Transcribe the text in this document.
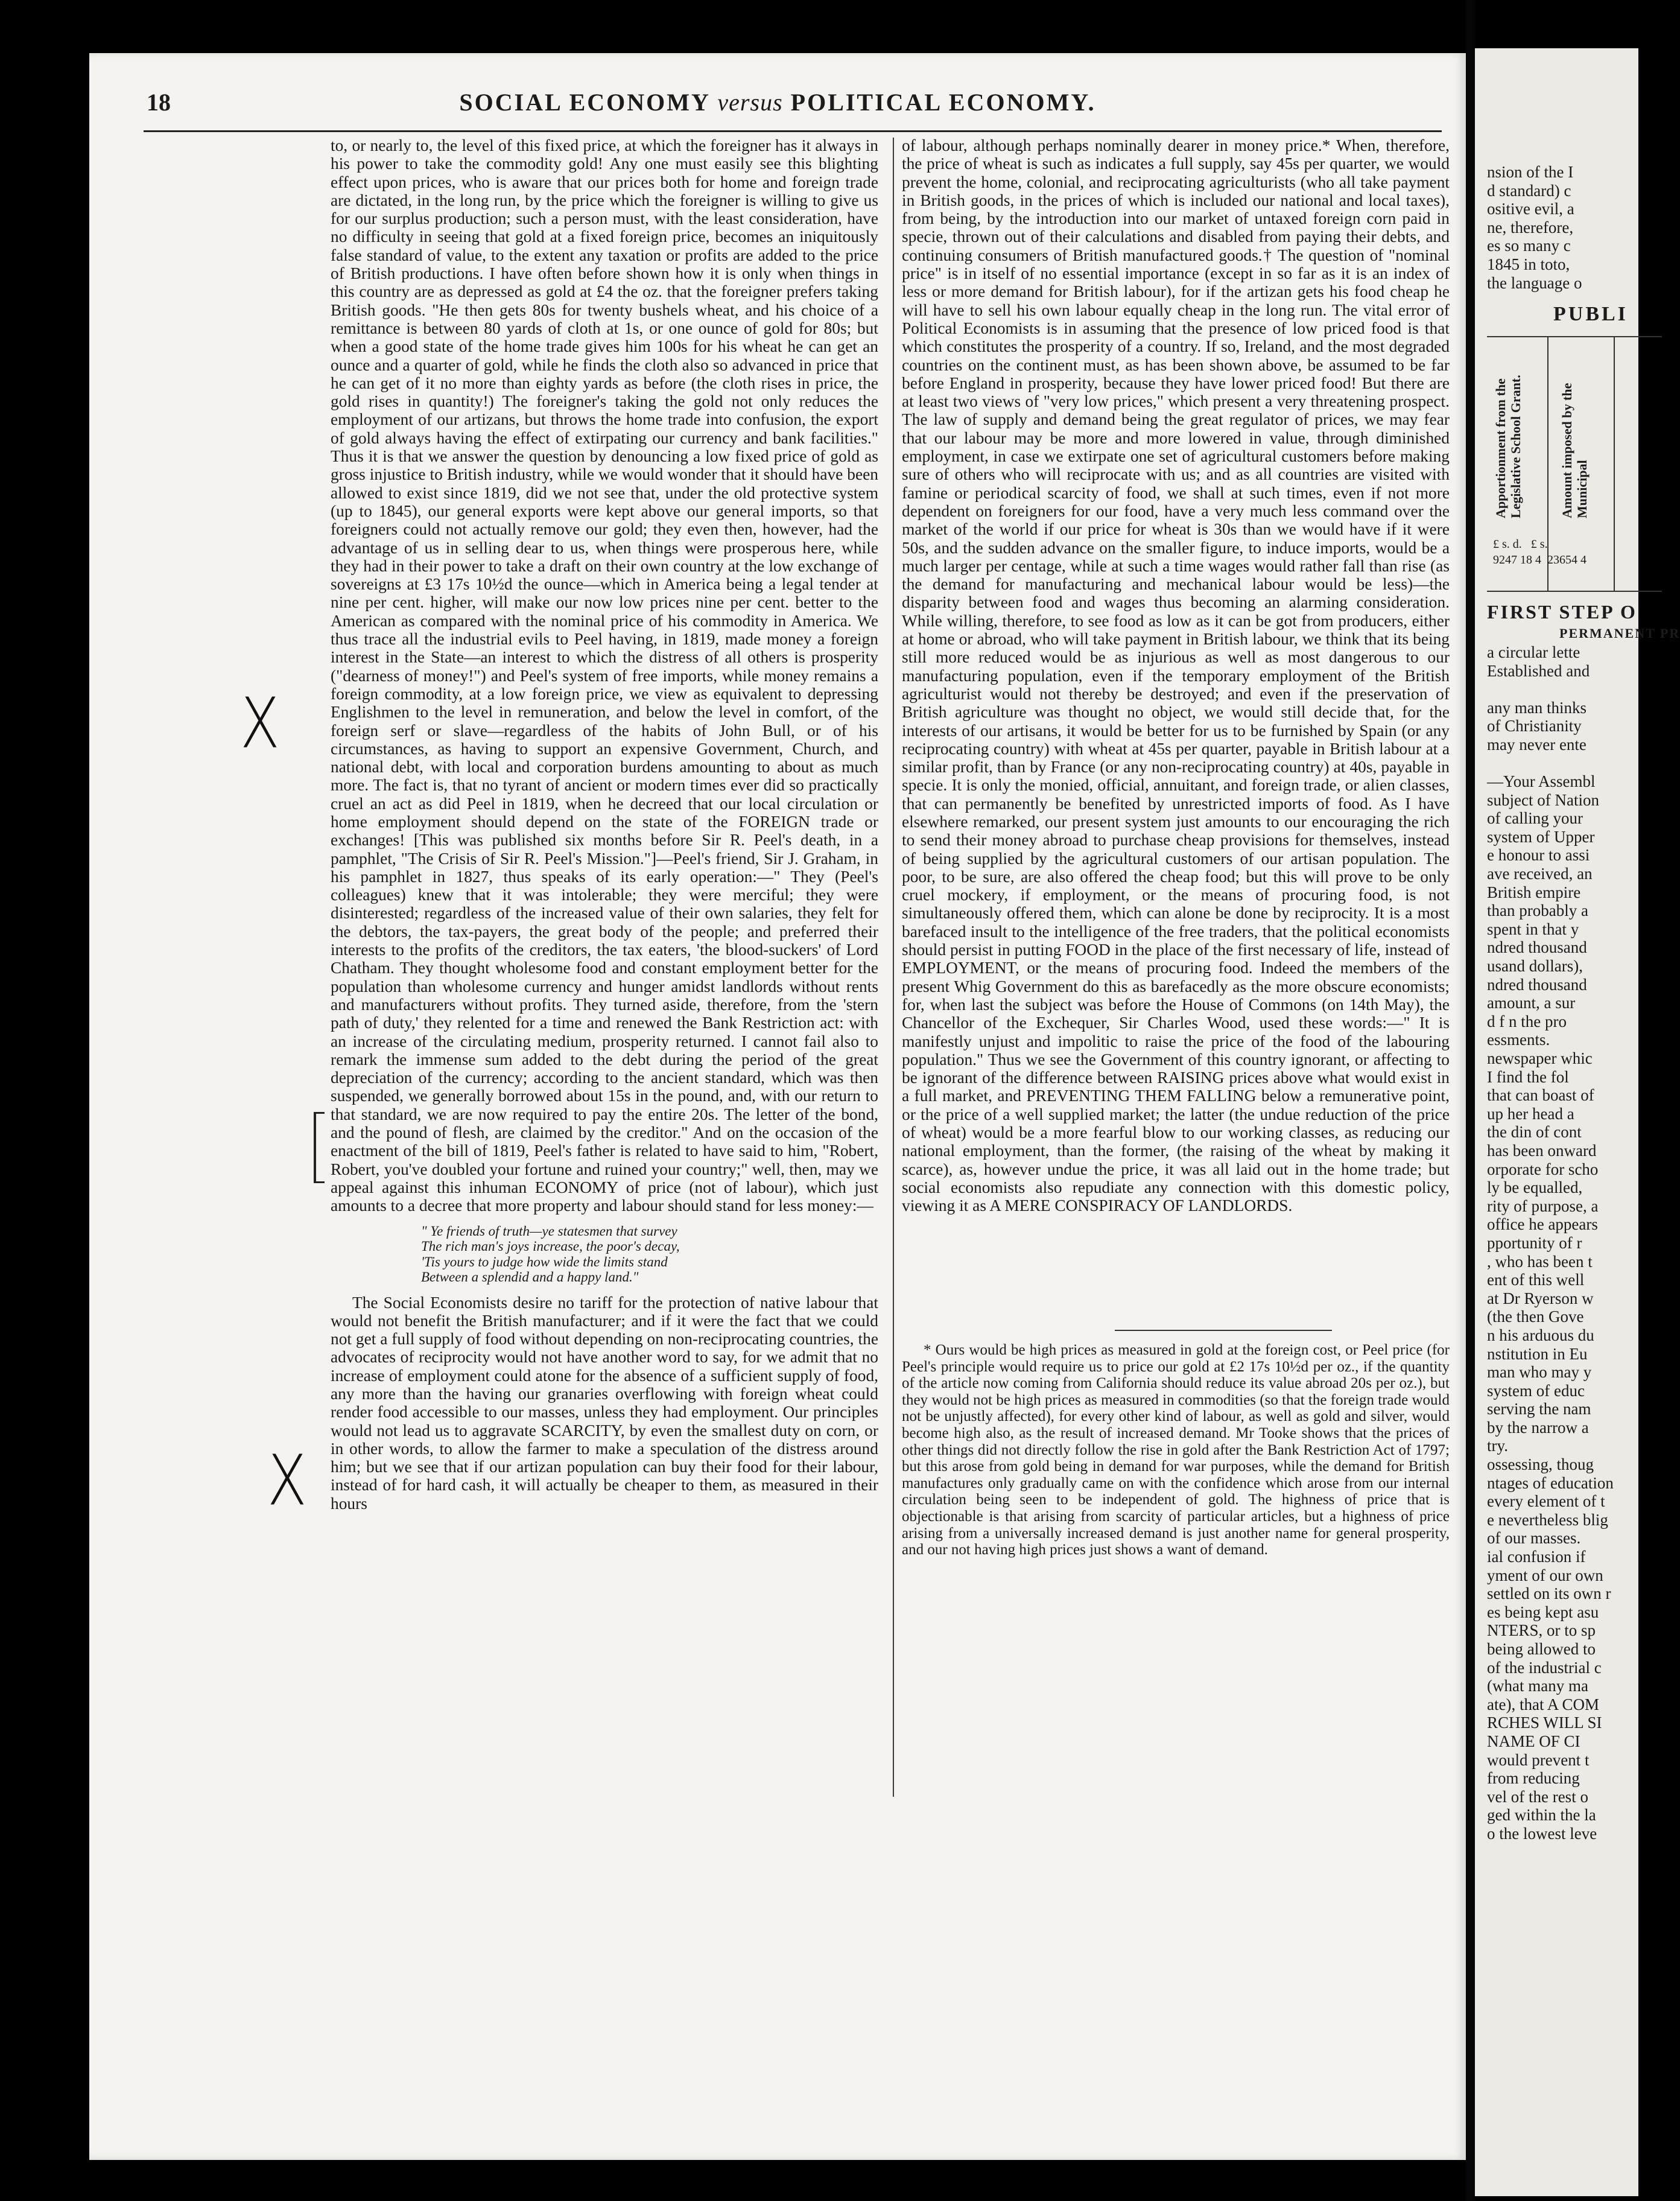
18	SOCIAL ECONOMY versus POLITICAL ECONOMY.

to, or nearly to, the level of this fixed price, at which the foreigner has it always in his power to take the commodity gold! Any one must easily see this blighting effect upon prices, who is aware that our prices both for home and foreign trade are dictated, in the long run, by the price which the foreigner is willing to give us for our surplus production; such a person must, with the least consideration, have no difficulty in seeing that gold at a fixed foreign price, becomes an iniquitously false standard of value, to the extent any taxation or profits are added to the price of British productions. I have often before shown how it is only when things in this country are as depressed as gold at £4 the oz. that the foreigner prefers taking British goods. "He then gets 80s for twenty bushels wheat, and his choice of a remittance is between 80 yards of cloth at 1s, or one ounce of gold for 80s; but when a good state of the home trade gives him 100s for his wheat he can get an ounce and a quarter of gold, while he finds the cloth also so advanced in price that he can get of it no more than eighty yards as before (the cloth rises in price, the gold rises in quantity!) The foreigner's taking the gold not only reduces the employment of our artizans, but throws the home trade into confusion, the export of gold always having the effect of extirpating our currency and bank facilities." Thus it is that we answer the question by denouncing a low fixed price of gold as gross injustice to British industry, while we would wonder that it should have been allowed to exist since 1819, did we not see that, under the old protective system (up to 1845), our general exports were kept above our general imports, so that foreigners could not actually remove our gold; they even then, however, had the advantage of us in selling dear to us, when things were prosperous here, while they had in their power to take a draft on their own country at the low exchange of sovereigns at £3 17s 10½d the ounce—which in America being a legal tender at nine per cent. higher, will make our now low prices nine per cent. better to the American as compared with the nominal price of his commodity in America. We thus trace all the industrial evils to Peel having, in 1819, made money a foreign interest in the State—an interest to which the distress of all others is prosperity ("dearness of money!") and Peel's system of free imports, while money remains a foreign commodity, at a low foreign price, we view as equivalent to depressing Englishmen to the level in remuneration, and below the level in comfort, of the foreign serf or slave—regardless of the habits of John Bull, or of his circumstances, as having to support an expensive Government, Church, and national debt, with local and corporation burdens amounting to about as much more. The fact is, that no tyrant of ancient or modern times ever did so practically cruel an act as did Peel in 1819, when he decreed that our local circulation or home employment should depend on the state of the FOREIGN trade or exchanges! [This was published six months before Sir R. Peel's death, in a pamphlet, "The Crisis of Sir R. Peel's Mission."]—Peel's friend, Sir J. Graham, in his pamphlet in 1827, thus speaks of its early operation:—" They (Peel's colleagues) knew that it was intolerable; they were merciful; they were disinterested; regardless of the increased value of their own salaries, they felt for the debtors, the tax-payers, the great body of the people; and preferred their interests to the profits of the creditors, the tax eaters, 'the blood-suckers' of Lord Chatham. They thought wholesome food and constant employment better for the population than wholesome currency and hunger amidst landlords without rents and manufacturers without profits. They turned aside, therefore, from the 'stern path of duty,' they relented for a time and renewed the Bank Restriction act: with an increase of the circulating medium, prosperity returned. I cannot fail also to remark the immense sum added to the debt during the period of the great depreciation of the currency; according to the ancient standard, which was then suspended, we generally borrowed about 15s in the pound, and, with our return to that standard, we are now required to pay the entire 20s. The letter of the bond, and the pound of flesh, are claimed by the creditor." And on the occasion of the enactment of the bill of 1819, Peel's father is related to have said to him, "Robert, Robert, you've doubled your fortune and ruined your country;" well, then, may we appeal against this inhuman ECONOMY of price (not of labour), which just amounts to a decree that more property and labour should stand for less money:—

" Ye friends of truth—ye statesmen that survey
The rich man's joys increase, the poor's decay,
'Tis yours to judge how wide the limits stand
Between a splendid and a happy land."

The Social Economists desire no tariff for the protection of native labour that would not benefit the British manufacturer; and if it were the fact that we could not get a full supply of food without depending on non-reciprocating countries, the advocates of reciprocity would not have another word to say, for we admit that no increase of employment could atone for the absence of a sufficient supply of food, any more than the having our granaries overflowing with foreign wheat could render food accessible to our masses, unless they had employment. Our principles would not lead us to aggravate SCARCITY, by even the smallest duty on corn, or in other words, to allow the farmer to make a speculation of the distress around him; but we see that if our artizan population can buy their food for their labour, instead of for hard cash, it will actually be cheaper to them, as measured in their hours

of labour, although perhaps nominally dearer in money price.* When, therefore, the price of wheat is such as indicates a full supply, say 45s per quarter, we would prevent the home, colonial, and reciprocating agriculturists (who all take payment in British goods, in the prices of which is included our national and local taxes), from being, by the introduction into our market of untaxed foreign corn paid in specie, thrown out of their calculations and disabled from paying their debts, and continuing consumers of British manufactured goods.† The question of "nominal price" is in itself of no essential importance (except in so far as it is an index of less or more demand for British labour), for if the artizan gets his food cheap he will have to sell his own labour equally cheap in the long run. The vital error of Political Economists is in assuming that the presence of low priced food is that which constitutes the prosperity of a country. If so, Ireland, and the most degraded countries on the continent must, as has been shown above, be assumed to be far before England in prosperity, because they have lower priced food! But there are at least two views of "very low prices," which present a very threatening prospect. The law of supply and demand being the great regulator of prices, we may fear that our labour may be more and more lowered in value, through diminished employment, in case we extirpate one set of agricultural customers before making sure of others who will reciprocate with us; and as all countries are visited with famine or periodical scarcity of food, we shall at such times, even if not more dependent on foreigners for our food, have a very much less command over the market of the world if our price for wheat is 30s than we would have if it were 50s, and the sudden advance on the smaller figure, to induce imports, would be a much larger per centage, while at such a time wages would rather fall than rise (as the demand for manufacturing and mechanical labour would be less)—the disparity between food and wages thus becoming an alarming consideration. While willing, therefore, to see food as low as it can be got from producers, either at home or abroad, who will take payment in British labour, we think that its being still more reduced would be as injurious as well as most dangerous to our manufacturing population, even if the temporary employment of the British agriculturist would not thereby be destroyed; and even if the preservation of British agriculture was thought no object, we would still decide that, for the interests of our artisans, it would be better for us to be furnished by Spain (or any reciprocating country) with wheat at 45s per quarter, payable in British labour at a similar profit, than by France (or any non-reciprocating country) at 40s, payable in specie. It is only the monied, official, annuitant, and foreign trade, or alien classes, that can permanently be benefited by unrestricted imports of food. As I have elsewhere remarked, our present system just amounts to our encouraging the rich to send their money abroad to purchase cheap provisions for themselves, instead of being supplied by the agricultural customers of our artisan population. The poor, to be sure, are also offered the cheap food; but this will prove to be only cruel mockery, if employment, or the means of procuring food, is not simultaneously offered them, which can alone be done by reciprocity. It is a most barefaced insult to the intelligence of the free traders, that the political economists should persist in putting FOOD in the place of the first necessary of life, instead of EMPLOYMENT, or the means of procuring food. Indeed the members of the present Whig Government do this as barefacedly as the more obscure economists; for, when last the subject was before the House of Commons (on 14th May), the Chancellor of the Exchequer, Sir Charles Wood, used these words:—" It is manifestly unjust and impolitic to raise the price of the food of the labouring population." Thus we see the Government of this country ignorant, or affecting to be ignorant of the difference between RAISING prices above what would exist in a full market, and PREVENTING THEM FALLING below a remunerative point, or the price of a well supplied market; the latter (the undue reduction of the price of wheat) would be a more fearful blow to our working classes, as reducing our national employment, than the former, (the raising of the wheat by making it scarce), as, however undue the price, it was all laid out in the home trade; but social economists also repudiate any connection with this domestic policy, viewing it as A MERE CONSPIRACY OF LANDLORDS.

* Ours would be high prices as measured in gold at the foreign cost, or Peel price (for Peel's principle would require us to price our gold at £2 17s 10½d per oz., if the quantity of the article now coming from California should reduce its value abroad 20s per oz.), but they would not be high prices as measured in commodities (so that the foreign trade would not be unjustly affected), for every other kind of labour, as well as gold and silver, would become high also, as the result of increased demand. Mr Tooke shows that the prices of other things did not directly follow the rise in gold after the Bank Restriction Act of 1797; but this arose from gold being in demand for war purposes, while the demand for British manufactures only gradually came on with the confidence which arose from our internal circulation being seen to be independent of gold. The highness of price that is objectionable is that arising from scarcity of particular articles, but a highness of price arising from a universally increased demand is just another name for general prosperity, and our not having high prices just shows a want of demand.

X
X
nsion of the I
d standard) c
ositive evil, a
ne, therefore,
es so many c
1845 in toto,
the language o
PUBLI
Apportionment from the Legislative School Grant.	Amount imposed by the Municipal
£ s. d.   £ s.
9247 18 4  23654 4
FIRST STEP O
PERMANENT PR
a circular lette
Established and
any man thinks
of Christianity
may never ente
—Your Assembl
subject of Nation
of calling your
system of Upper
e honour to assi
ave received, an
British empire
than probably a
spent in that y
ndred thousand
usand dollars),
ndred thousand
amount, a sur
d f n the pro
essments.
newspaper whic
I find the fol
that can boast of
up her head a
the din of cont
has been onward
orporate for scho
ly be equalled,
rity of purpose, a
office he appears
pportunity of r
, who has been t
ent of this well
at Dr Ryerson w
(the then Gove
n his arduous du
nstitution in Eu
man who may y
system of educ
serving the nam
by the narrow a
try.
ossessing, thoug
ntages of education
every element of t
e nevertheless blig
of our masses.
ial confusion if
yment of our own
settled on its own r
es being kept asu
NTERS, or to sp
being allowed to
of the industrial c
(what many ma
ate), that A COM
RCHES WILL SI
NAME OF CI
would prevent t
from reducing
vel of the rest o
ged within the la
o the lowest leve
